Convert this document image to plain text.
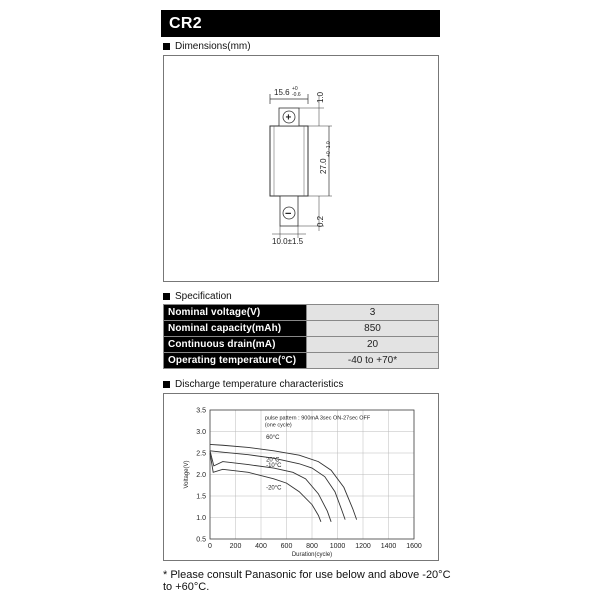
CR2
Dimensions(mm)
15.6 +0
-0.6
+
−
1.0
27.0
+0 -1.0
0.2
10.0±1.5
Specification
Nominal voltage(V)	3
Nominal capacity(mAh)	850
Continuous drain(mA)	20
Operating temperature(°C)	-40 to +70*
Discharge temperature characteristics
0	200 400 600 800 1000 1200 1400 1600
3.5
3.0
2.5
2.0
1.5
1.0
0.5
Duration(cycle)
Voltage(V)
pulse pattern : 900mA 3sec ON-27sec OFF
(one cycle)
60°C
20°C
-10°C
-20°C
* Please consult Panasonic for use below and above -20°C to +60°C.
